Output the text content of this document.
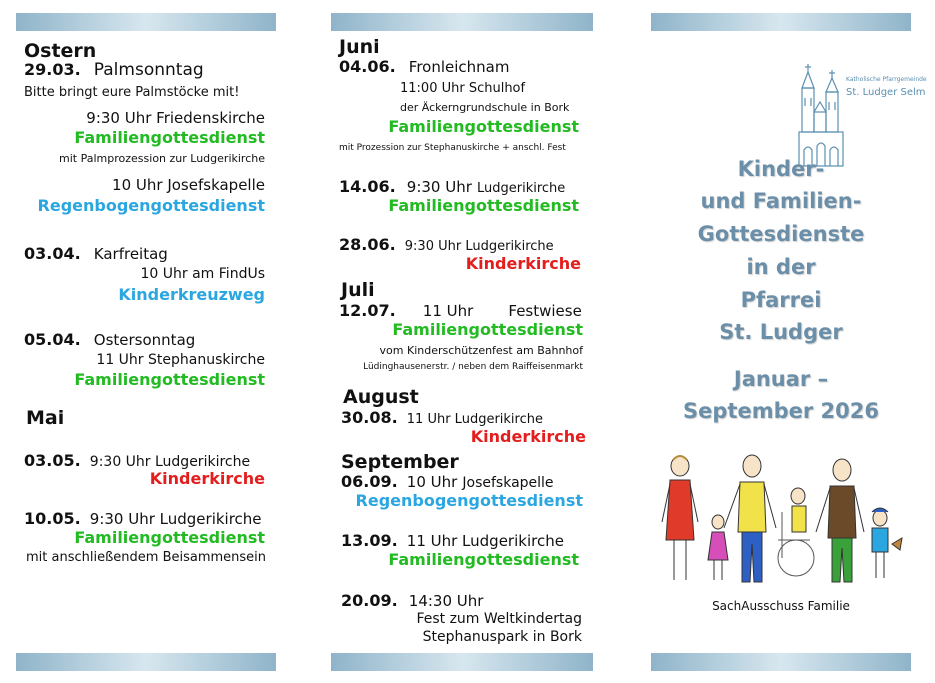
Ostern
29.03. Palmsonntag
Bitte bringt eure Palmstöcke mit!
9:30 Uhr Friedenskirche
Familiengottesdienst
mit Palmprozession zur Ludgerikirche
10 Uhr Josefskapelle
Regenbogengottesdienst
03.04. Karfreitag
10 Uhr am FindUs
Kinderkreuzweg
05.04. Ostersonntag
11 Uhr Stephanuskirche
Familiengottesdienst
Mai
03.05. 9:30 Uhr Ludgerikirche
Kinderkirche
10.05. 9:30 Uhr Ludgerikirche
Familiengottesdienst
mit anschließendem Beisammensein
Juni
04.06. Fronleichnam
11:00 Uhr Schulhof
der Äckerngrundschule in Bork
Familiengottesdienst
mit Prozession zur Stephanuskirche + anschl. Fest
14.06. 9:30 Uhr Ludgerikirche
Familiengottesdienst
28.06. 9:30 Uhr Ludgerikirche
Kinderkirche
Juli
12.07. 11 Uhr Festwiese
Familiengottesdienst
vom Kinderschützenfest am Bahnhof
Lüdinghausenerstr. / neben dem Raiffeisenmarkt
August
30.08. 11 Uhr Ludgerikirche
Kinderkirche
September
06.09. 10 Uhr Josefskapelle
Regenbogengottesdienst
13.09. 11 Uhr Ludgerikirche
Familiengottesdienst
20.09. 14:30 Uhr
Fest zum Weltkindertag
Stephanuspark in Bork
Katholische Pfarrgemeinde
St. Ludger Selm
Kinder-
und Familien-
Gottesdienste
in der
Pfarrei
St. Ludger
Januar –
September 2026
SachAusschuss Familie
